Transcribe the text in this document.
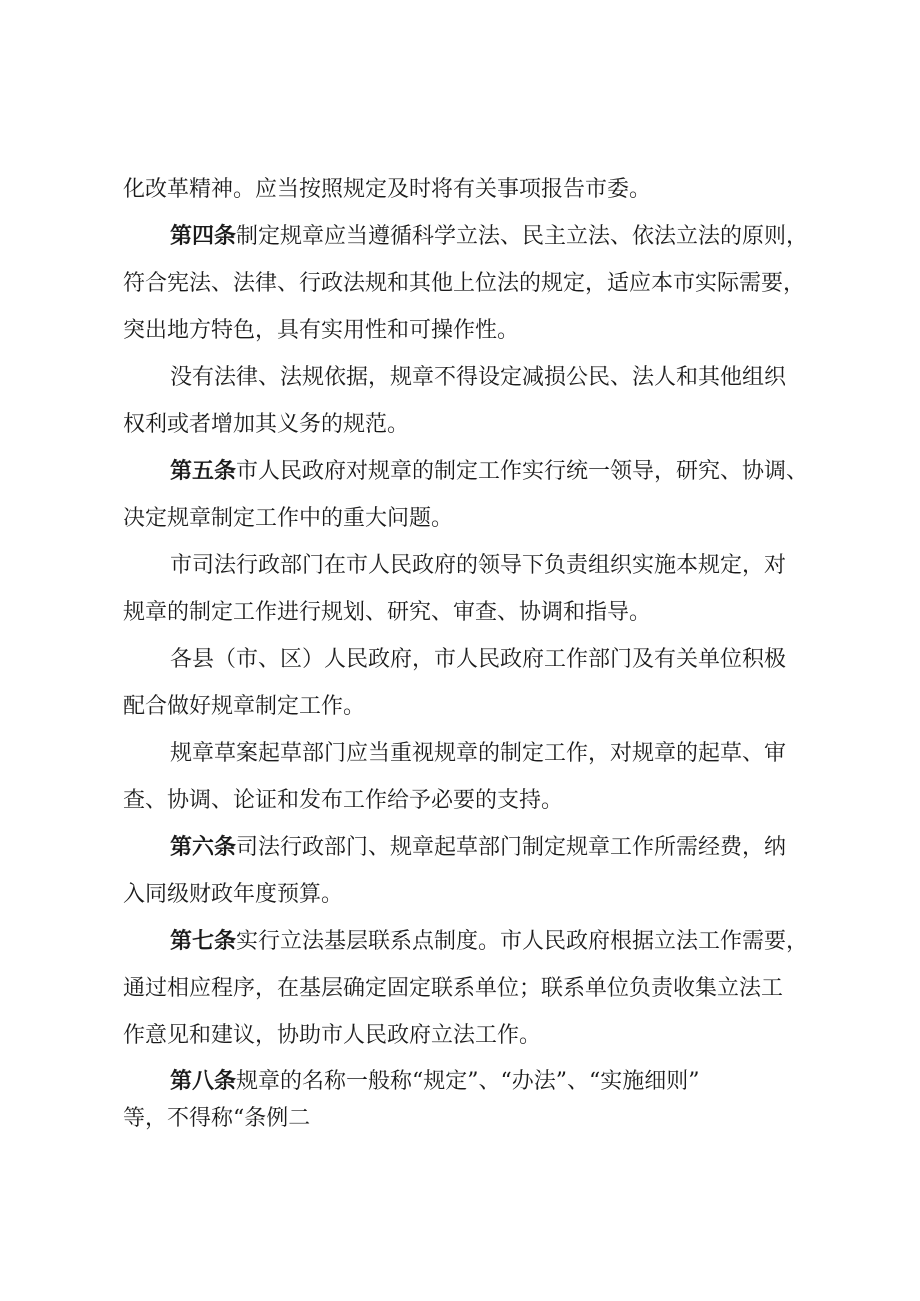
化改革精神。应当按照规定及时将有关事项报告市委。
第四条 制定规章应当遵循科学立法、民主立法、依法立法的原则，
符合宪法、法律、行政法规和其他上位法的规定，适应本市实际需要，
突出地方特色，具有实用性和可操作性。
没有法律、法规依据，规章不得设定减损公民、法人和其他组织
权利或者增加其义务的规范。
第五条 市人民政府对规章的制定工作实行统一领导，研究、协调、
决定规章制定工作中的重大问题。
市司法行政部门在市人民政府的领导下负责组织实施本规定，对
规章的制定工作进行规划、研究、审查、协调和指导。
各县（市、区）人民政府，市人民政府工作部门及有关单位积极
配合做好规章制定工作。
规章草案起草部门应当重视规章的制定工作，对规章的起草、审
查、协调、论证和发布工作给予必要的支持。
第六条 司法行政部门、规章起草部门制定规章工作所需经费，纳
入同级财政年度预算。
第七条 实行立法基层联系点制度。市人民政府根据立法工作需要，
通过相应程序，在基层确定固定联系单位；联系单位负责收集立法工
作意见和建议，协助市人民政府立法工作。
第八条 规章的名称一般称“规定”、“办法”、“实施细则”
等，不得称“条例二
